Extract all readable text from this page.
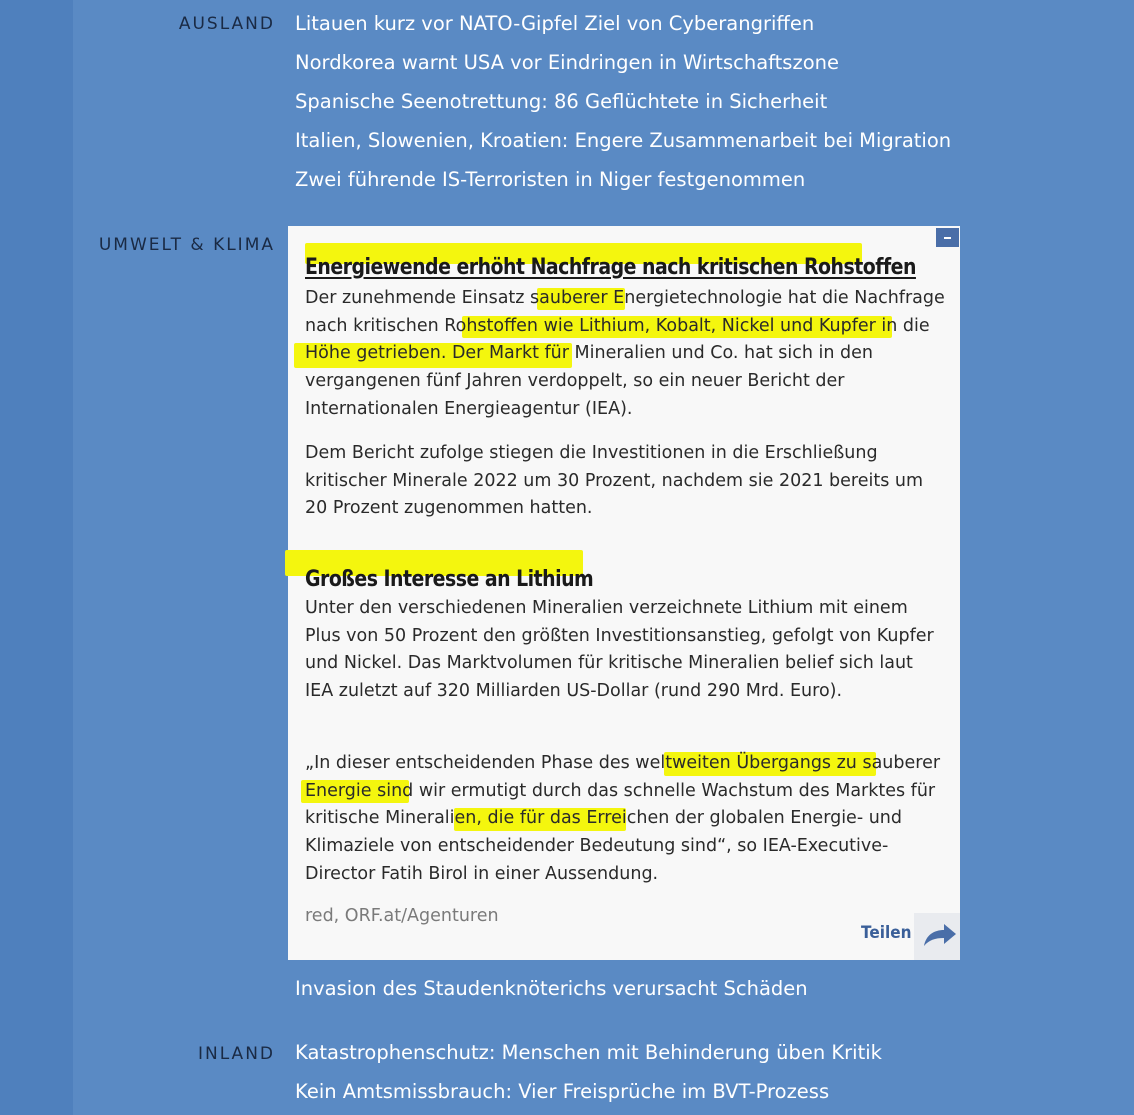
AUSLAND Litauen kurz vor NATO-Gipfel Ziel von Cyberangriffen
Nordkorea warnt USA vor Eindringen in Wirtschaftszone
Spanische Seenotrettung: 86 Geflüchtete in Sicherheit
Italien, Slowenien, Kroatien: Engere Zusammenarbeit bei Migration
Zwei führende IS-Terroristen in Niger festgenommen
UMWELT & KLIMA
Energiewende erhöht Nachfrage nach kritischen Rohstoffen

Der zunehmende Einsatz sauberer Energietechnologie hat die Nachfrage nach kritischen Rohstoffen wie Lithium, Kobalt, Nickel und Kupfer in die Höhe getrieben. Der Markt für Mineralien und Co. hat sich in den vergangenen fünf Jahren verdoppelt, so ein neuer Bericht der Internationalen Energieagentur (IEA).

Dem Bericht zufolge stiegen die Investitionen in die Erschließung kritischer Minerale 2022 um 30 Prozent, nachdem sie 2021 bereits um 20 Prozent zugenommen hatten.

Großes Interesse an Lithium

Unter den verschiedenen Mineralien verzeichnete Lithium mit einem Plus von 50 Prozent den größten Investitionsanstieg, gefolgt von Kupfer und Nickel. Das Marktvolumen für kritische Mineralien belief sich laut IEA zuletzt auf 320 Milliarden US-Dollar (rund 290 Mrd. Euro).

„In dieser entscheidenden Phase des weltweiten Übergangs zu sauberer Energie sind wir ermutigt durch das schnelle Wachstum des Marktes für kritische Mineralien, die für das Erreichen der globalen Energie- und Klimaziele von entscheidender Bedeutung sind“, so IEA-Executive-Director Fatih Birol in einer Aussendung.

red, ORF.at/Agenturen
Teilen
Invasion des Staudenknöterichs verursacht Schäden
INLAND Katastrophenschutz: Menschen mit Behinderung üben Kritik
Kein Amtsmissbrauch: Vier Freisprüche im BVT-Prozess
